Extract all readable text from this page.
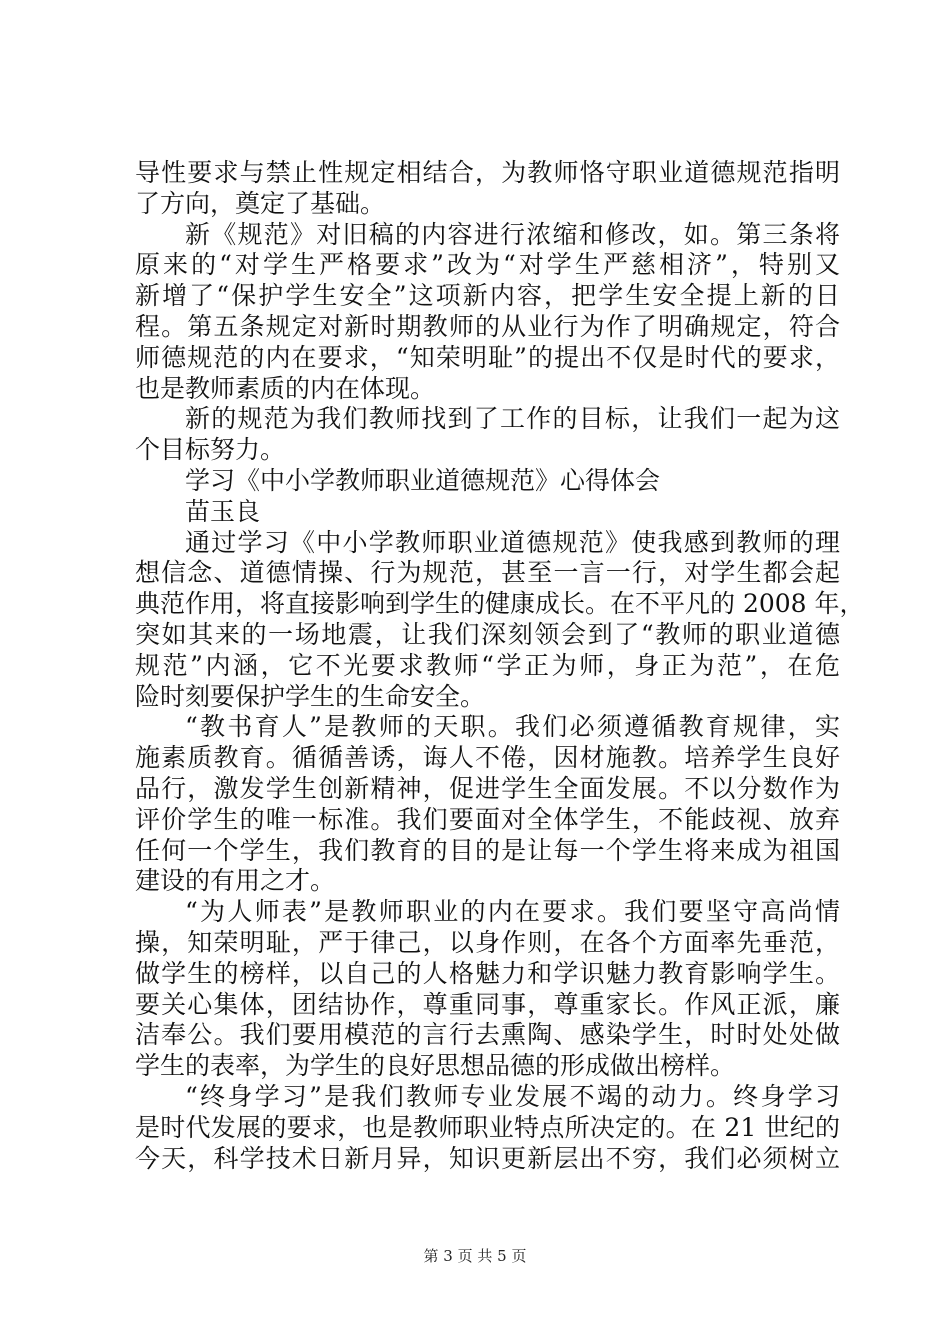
导性要求与禁止性规定相结合，为教师恪守职业道德规范指明
了方向，奠定了基础。
新《规范》对旧稿的内容进行浓缩和修改，如。第三条将
原来的“对学生严格要求”改为“对学生严慈相济”，特别又
新增了“保护学生安全”这项新内容，把学生安全提上新的日
程。第五条规定对新时期教师的从业行为作了明确规定，符合
师德规范的内在要求，“知荣明耻”的提出不仅是时代的要求，
也是教师素质的内在体现。
新的规范为我们教师找到了工作的目标，让我们一起为这
个目标努力。
学习《中小学教师职业道德规范》心得体会
苗玉良
通过学习《中小学教师职业道德规范》使我感到教师的理
想信念、道德情操、行为规范，甚至一言一行，对学生都会起
典范作用，将直接影响到学生的健康成长。在不平凡的 2008 年，
突如其来的一场地震，让我们深刻领会到了“教师的职业道德
规范”内涵，它不光要求教师“学正为师，身正为范”，在危
险时刻要保护学生的生命安全。
“教书育人”是教师的天职。我们必须遵循教育规律，实
施素质教育。循循善诱，诲人不倦，因材施教。培养学生良好
品行，激发学生创新精神，促进学生全面发展。不以分数作为
评价学生的唯一标准。我们要面对全体学生，不能歧视、放弃
任何一个学生，我们教育的目的是让每一个学生将来成为祖国
建设的有用之才。
“为人师表”是教师职业的内在要求。我们要坚守高尚情
操，知荣明耻，严于律己，以身作则，在各个方面率先垂范，
做学生的榜样，以自己的人格魅力和学识魅力教育影响学生。
要关心集体，团结协作，尊重同事，尊重家长。作风正派，廉
洁奉公。我们要用模范的言行去熏陶、感染学生，时时处处做
学生的表率，为学生的良好思想品德的形成做出榜样。
“终身学习”是我们教师专业发展不竭的动力。终身学习
是时代发展的要求，也是教师职业特点所决定的。在 21 世纪的
今天，科学技术日新月异，知识更新层出不穷，我们必须树立
第 3 页 共 5 页
